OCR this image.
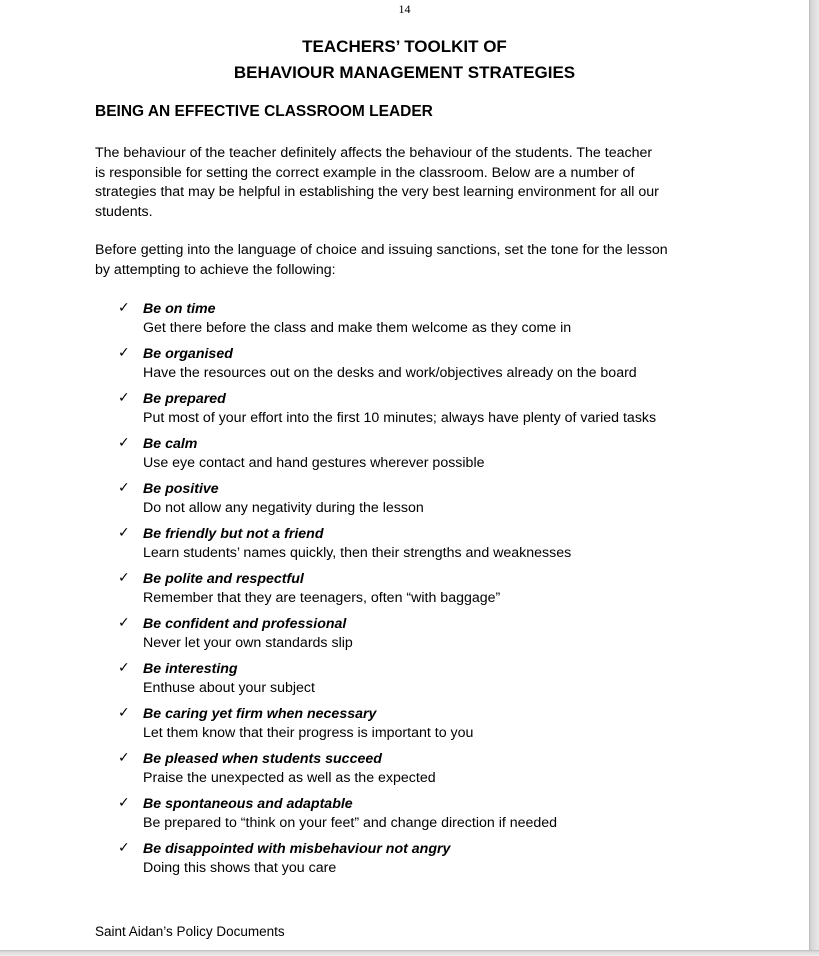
14
TEACHERS’ TOOLKIT OF
BEHAVIOUR MANAGEMENT STRATEGIES
BEING AN EFFECTIVE CLASSROOM LEADER
The behaviour of the teacher definitely affects the behaviour of the students. The teacher
is responsible for setting the correct example in the classroom. Below are a number of
strategies that may be helpful in establishing the very best learning environment for all our
students.
Before getting into the language of choice and issuing sanctions, set the tone for the lesson
by attempting to achieve the following:
✓ Be on time
Get there before the class and make them welcome as they come in
✓ Be organised
Have the resources out on the desks and work/objectives already on the board
✓ Be prepared
Put most of your effort into the first 10 minutes; always have plenty of varied tasks
✓ Be calm
Use eye contact and hand gestures wherever possible
✓ Be positive
Do not allow any negativity during the lesson
✓ Be friendly but not a friend
Learn students’ names quickly, then their strengths and weaknesses
✓ Be polite and respectful
Remember that they are teenagers, often “with baggage”
✓ Be confident and professional
Never let your own standards slip
✓ Be interesting
Enthuse about your subject
✓ Be caring yet firm when necessary
Let them know that their progress is important to you
✓ Be pleased when students succeed
Praise the unexpected as well as the expected
✓ Be spontaneous and adaptable
Be prepared to “think on your feet” and change direction if needed
✓ Be disappointed with misbehaviour not angry
Doing this shows that you care
Saint Aidan’s Policy Documents
